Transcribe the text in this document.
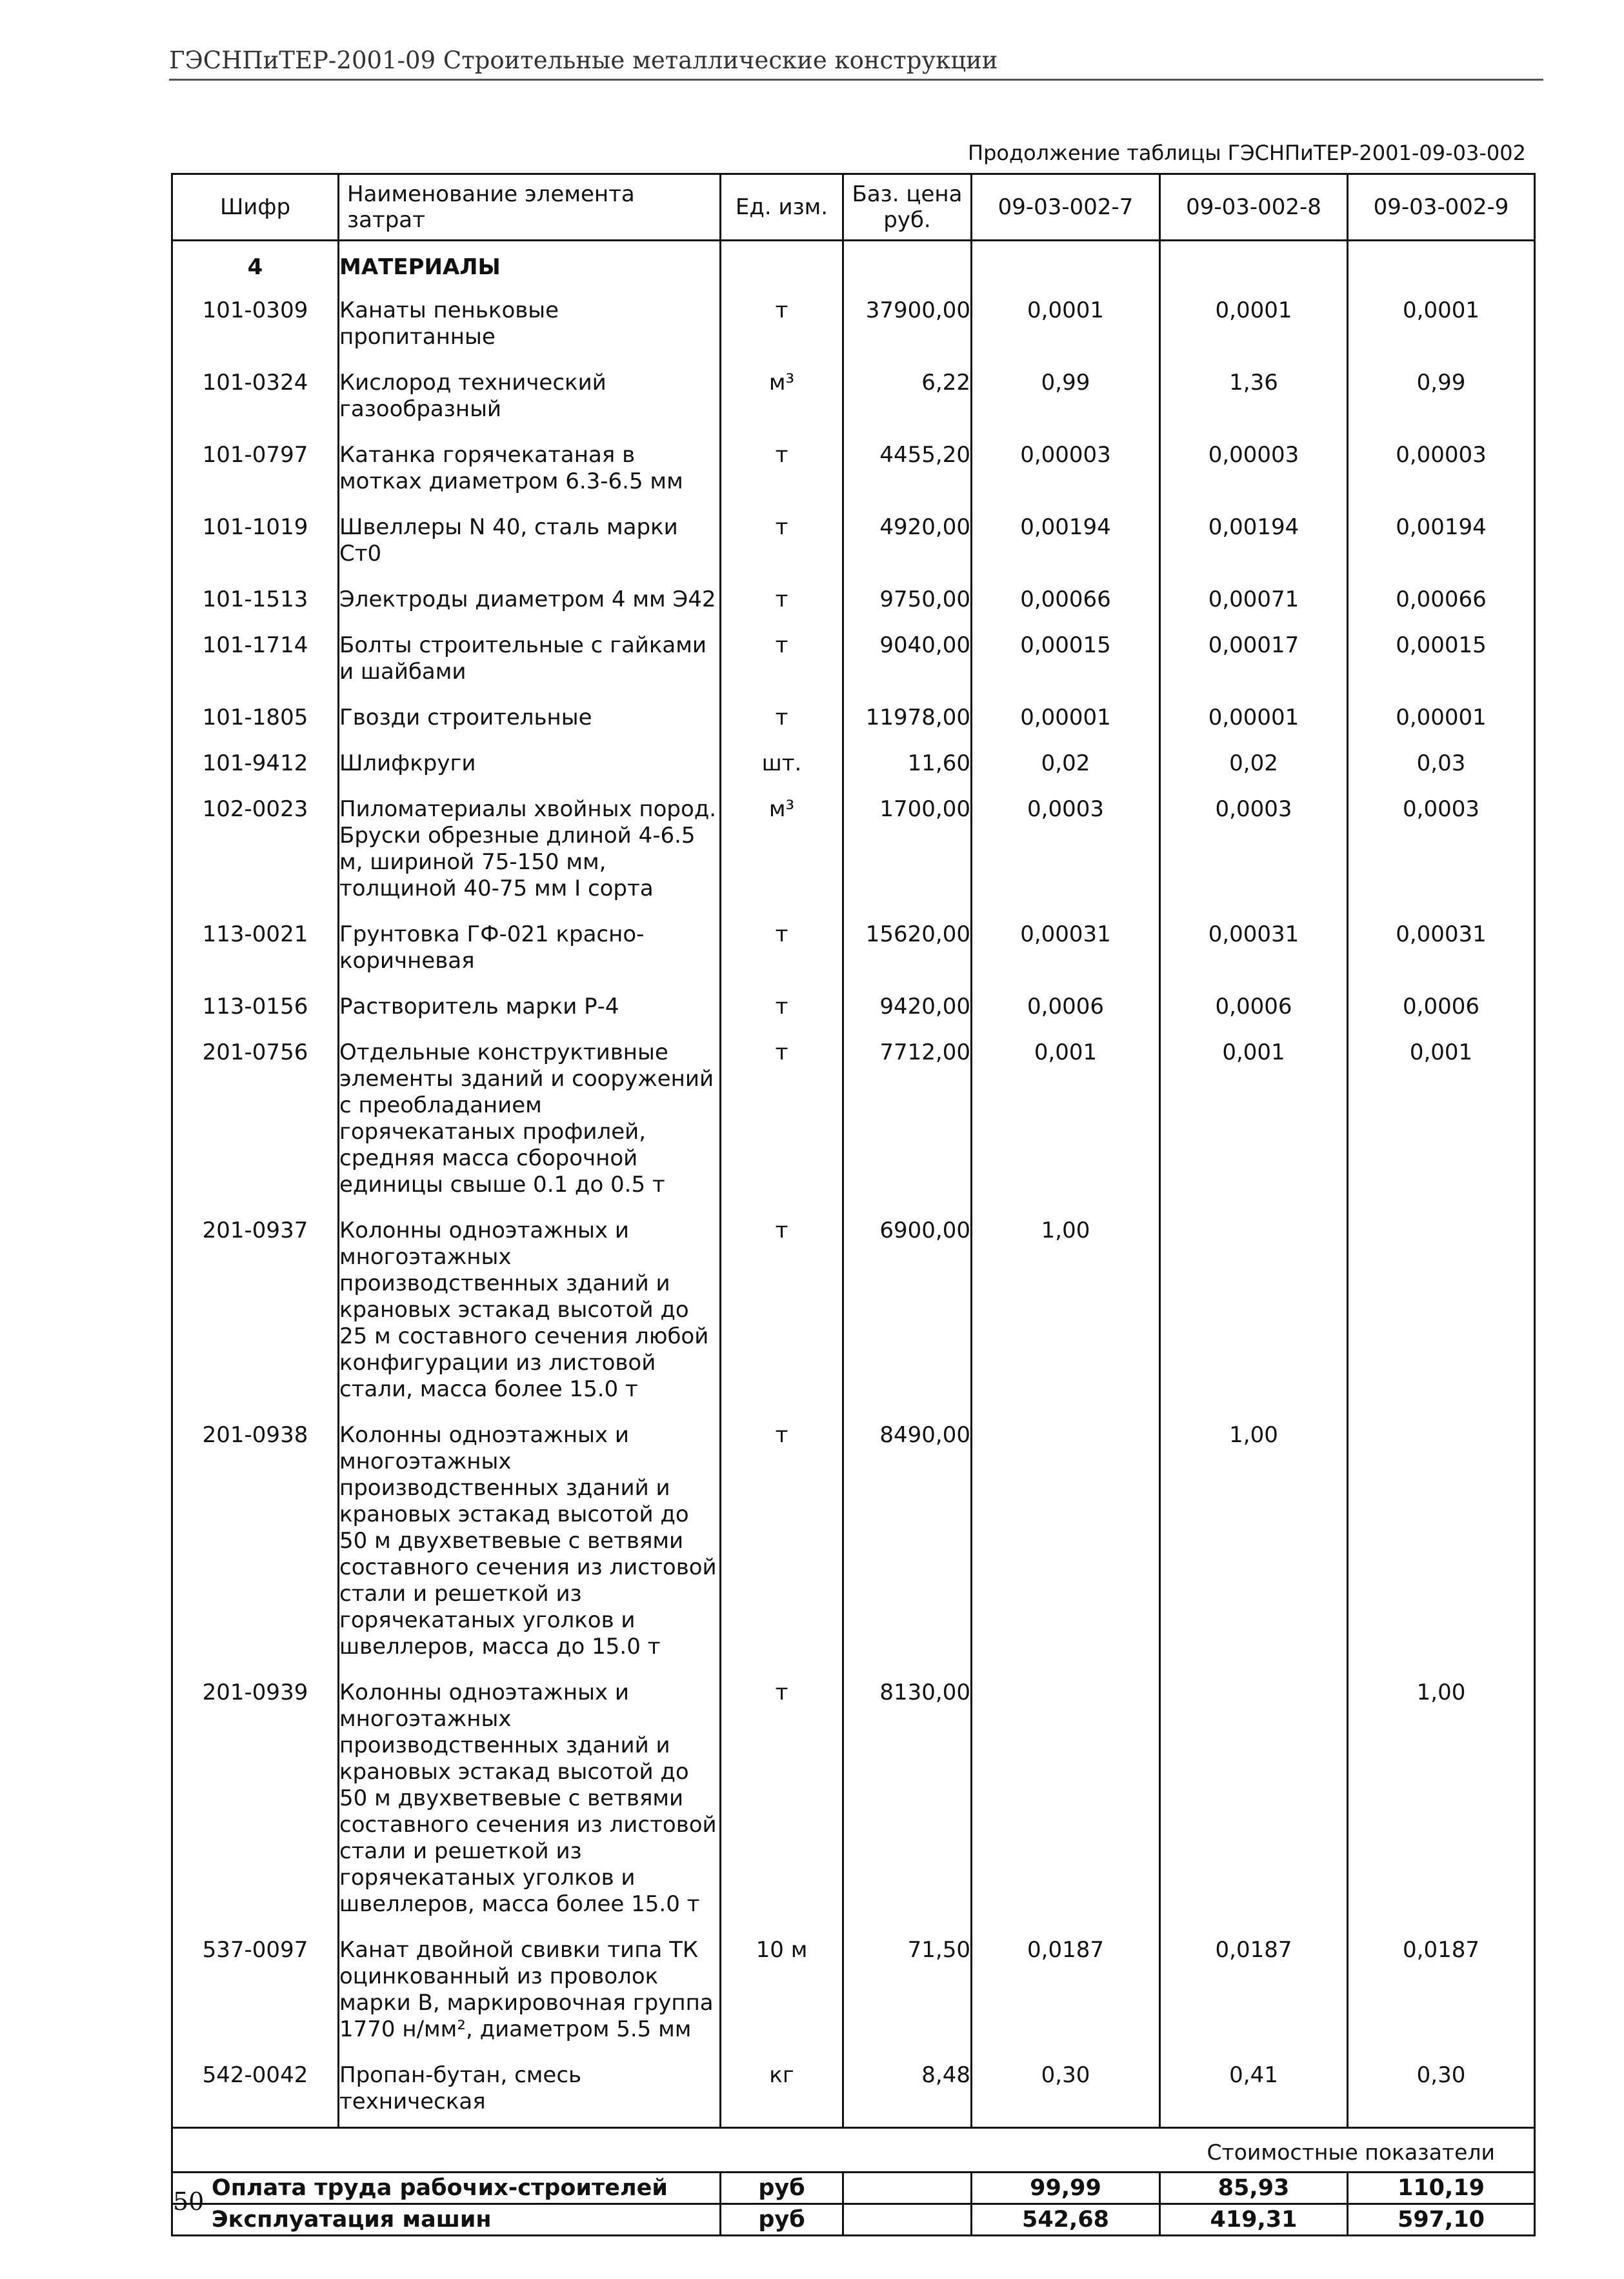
ГЭСНПиТЕР-2001-09 Строительные металлические конструкции
Продолжение таблицы ГЭСНПиТЕР-2001-09-03-002
Шифр	Наименование элемента затрат	Ед. изм.	Баз. цена руб.	09-03-002-7	09-03-002-8	09-03-002-9
4	МАТЕРИАЛЫ					
101-0309	Канаты пеньковые пропитанные	т	37900,00	0,0001	0,0001	0,0001
101-0324	Кислород технический газообразный	м³	6,22	0,99	1,36	0,99
101-0797	Катанка горячекатаная в мотках диаметром 6.3-6.5 мм	т	4455,20	0,00003	0,00003	0,00003
101-1019	Швеллеры N 40, сталь марки Ст0	т	4920,00	0,00194	0,00194	0,00194
101-1513	Электроды диаметром 4 мм Э42	т	9750,00	0,00066	0,00071	0,00066
101-1714	Болты строительные с гайками и шайбами	т	9040,00	0,00015	0,00017	0,00015
101-1805	Гвозди строительные	т	11978,00	0,00001	0,00001	0,00001
101-9412	Шлифкруги	шт.	11,60	0,02	0,02	0,03
102-0023	Пиломатериалы хвойных пород. Бруски обрезные длиной 4-6.5 м, шириной 75-150 мм, толщиной 40-75 мм I сорта	м³	1700,00	0,0003	0,0003	0,0003
113-0021	Грунтовка ГФ-021 красно-коричневая	т	15620,00	0,00031	0,00031	0,00031
113-0156	Растворитель марки Р-4	т	9420,00	0,0006	0,0006	0,0006
201-0756	Отдельные конструктивные элементы зданий и сооружений с преобладанием горячекатаных профилей, средняя масса сборочной единицы свыше 0.1 до 0.5 т	т	7712,00	0,001	0,001	0,001
201-0937	Колонны одноэтажных и многоэтажных производственных зданий и крановых эстакад высотой до 25 м составного сечения любой конфигурации из листовой стали, масса более 15.0 т	т	6900,00	1,00		
201-0938	Колонны одноэтажных и многоэтажных производственных зданий и крановых эстакад высотой до 50 м двухветвевые с ветвями составного сечения из листовой стали и решеткой из горячекатаных уголков и швеллеров, масса до 15.0 т	т	8490,00		1,00	
201-0939	Колонны одноэтажных и многоэтажных производственных зданий и крановых эстакад высотой до 50 м двухветвевые с ветвями составного сечения из листовой стали и решеткой из горячекатаных уголков и швеллеров, масса более 15.0 т	т	8130,00			1,00
537-0097	Канат двойной свивки типа ТК оцинкованный из проволок марки В, маркировочная группа 1770 н/мм², диаметром 5.5 мм	10 м	71,50	0,0187	0,0187	0,0187
542-0042	Пропан-бутан, смесь техническая	кг	8,48	0,30	0,41	0,30
Стоимостные показатели						
Оплата труда рабочих-строителей		руб		99,99	85,93	110,19
Эксплуатация машин		руб		542,68	419,31	597,10
50
